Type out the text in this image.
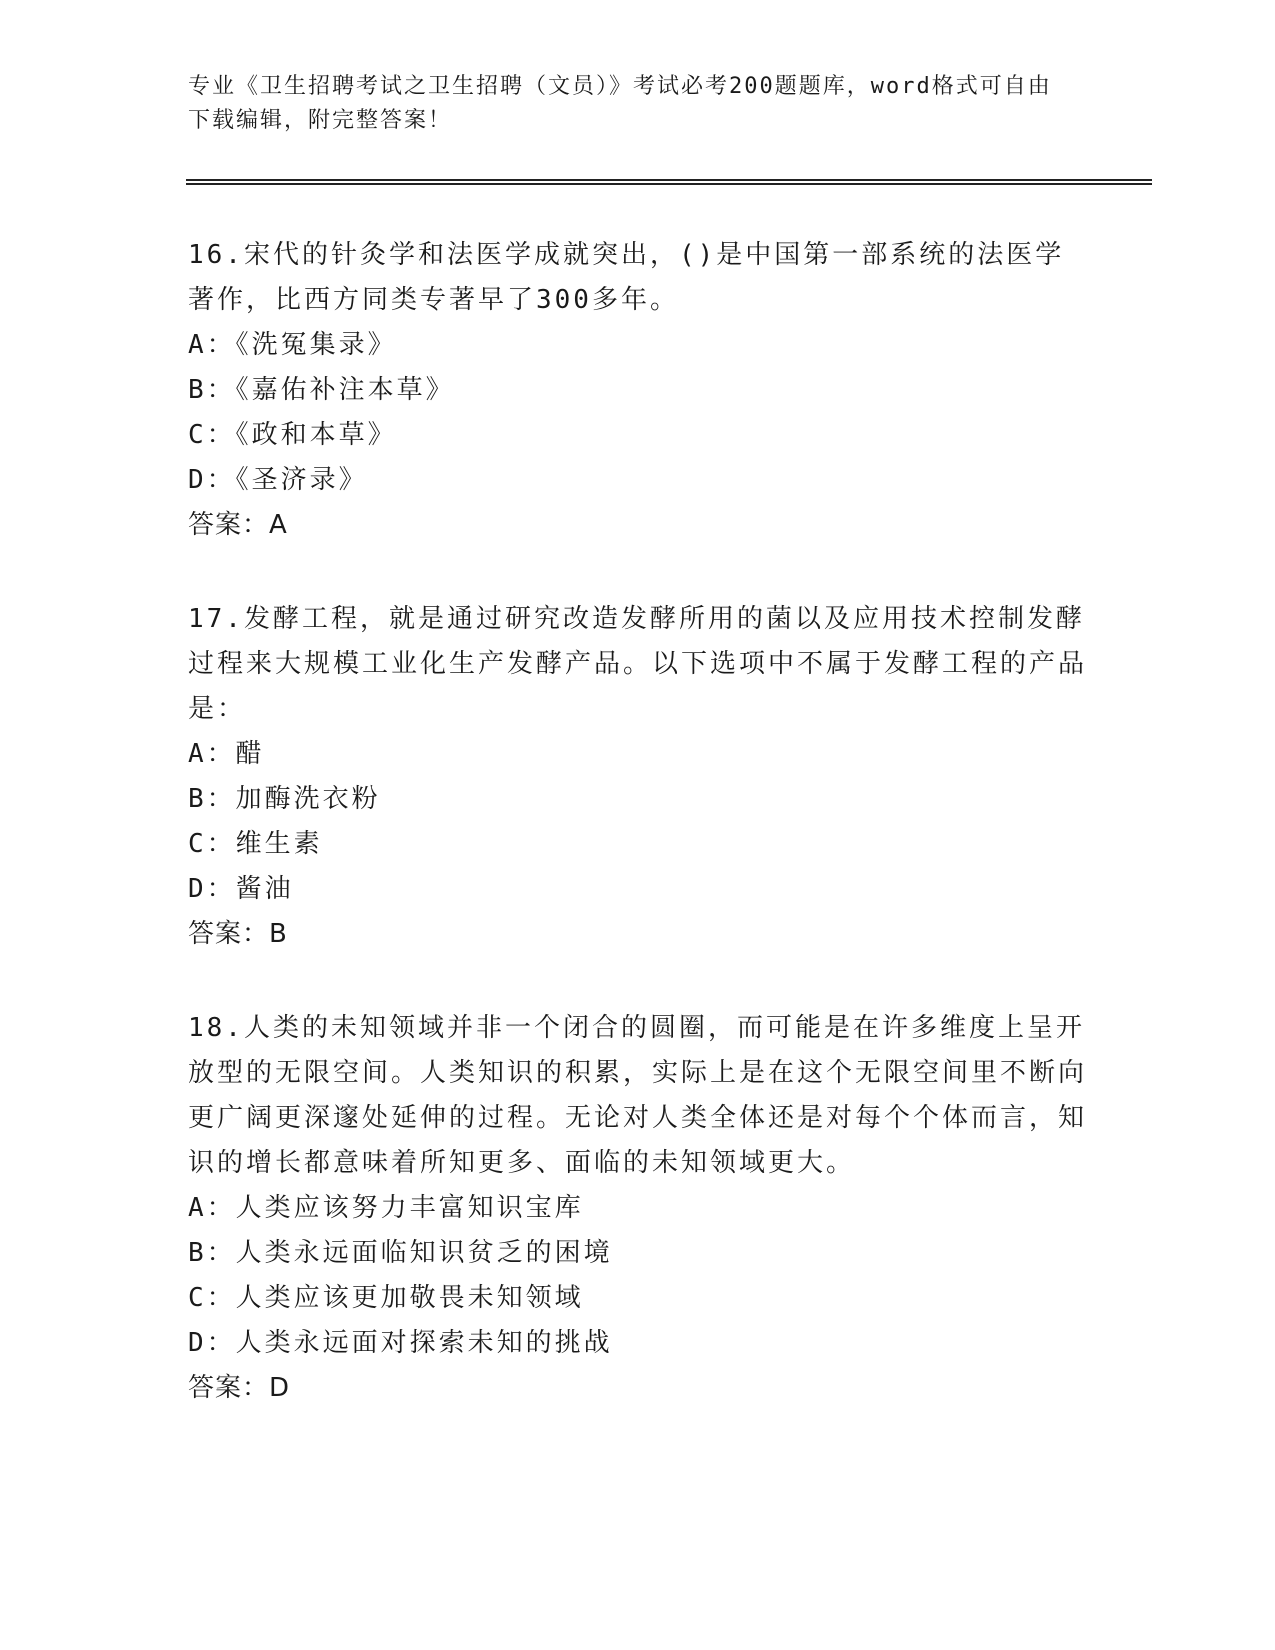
专业《卫生招聘考试之卫生招聘（文员）》考试必考200题题库，word格式可自由下载编辑，附完整答案！

16.宋代的针灸学和法医学成就突出，()是中国第一部系统的法医学著作，比西方同类专著早了300多年。

A：《洗冤集录》
B：《嘉佑补注本草》
C：《政和本草》
D：《圣济录》

答案：A

17.发酵工程，就是通过研究改造发酵所用的菌以及应用技术控制发酵过程来大规模工业化生产发酵产品。以下选项中不属于发酵工程的产品是：

A：醋
B：加酶洗衣粉
C：维生素
D：酱油

答案：B

18.人类的未知领域并非一个闭合的圆圈，而可能是在许多维度上呈开放型的无限空间。人类知识的积累，实际上是在这个无限空间里不断向更广阔更深邃处延伸的过程。无论对人类全体还是对每个个体而言，知识的增长都意味着所知更多、面临的未知领域更大。

A：人类应该努力丰富知识宝库
B：人类永远面临知识贫乏的困境
C：人类应该更加敬畏未知领域
D：人类永远面对探索未知的挑战

答案：D
